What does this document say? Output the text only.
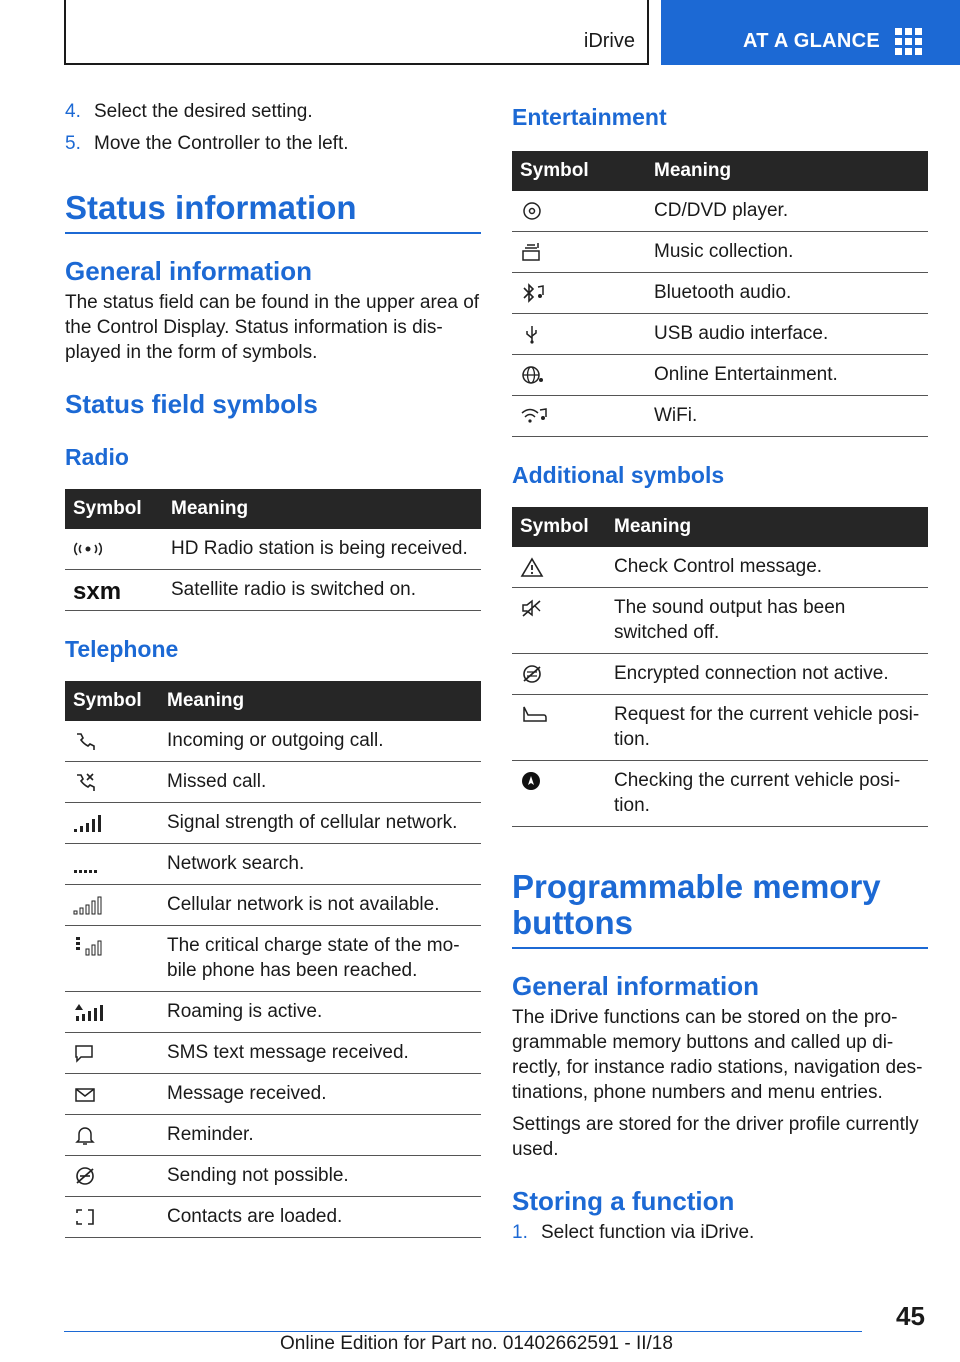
iDrive	AT A GLANCE
4. Select the desired setting.
5. Move the Controller to the left.
Status information
General information

The status field can be found in the upper area of the Control Display. Status information is dis-played in the form of symbols.

Status field symbols
Radio
Symbol	Meaning

	HD Radio station is being received.

sxm	Satellite radio is switched on.
Telephone
Symbol	Meaning

	Incoming or outgoing call.

	Missed call.

	Signal strength of cellular network.

	Network search.

	Cellular network is not available.

	The critical charge state of the mo-bile phone has been reached.

	Roaming is active.

	SMS text message received.

	Message received.

	Reminder.

	Sending not possible.

	Contacts are loaded.
Entertainment
Symbol	Meaning

	CD/DVD player.

	Music collection.

	Bluetooth audio.

	USB audio interface.

	Online Entertainment.

	WiFi.
Additional symbols
Symbol	Meaning

	Check Control message.

	The sound output has been switched off.

	Encrypted connection not active.

	Request for the current vehicle posi-tion.

	Checking the current vehicle posi-tion.
Programmable memory buttons
General information

The iDrive functions can be stored on the pro-grammable memory buttons and called up di-rectly, for instance radio stations, navigation des-tinations, phone numbers and menu entries.

Settings are stored for the driver profile currently used.

Storing a function
1. Select function via iDrive.
45
Online Edition for Part no. 01402662591 - II/18
